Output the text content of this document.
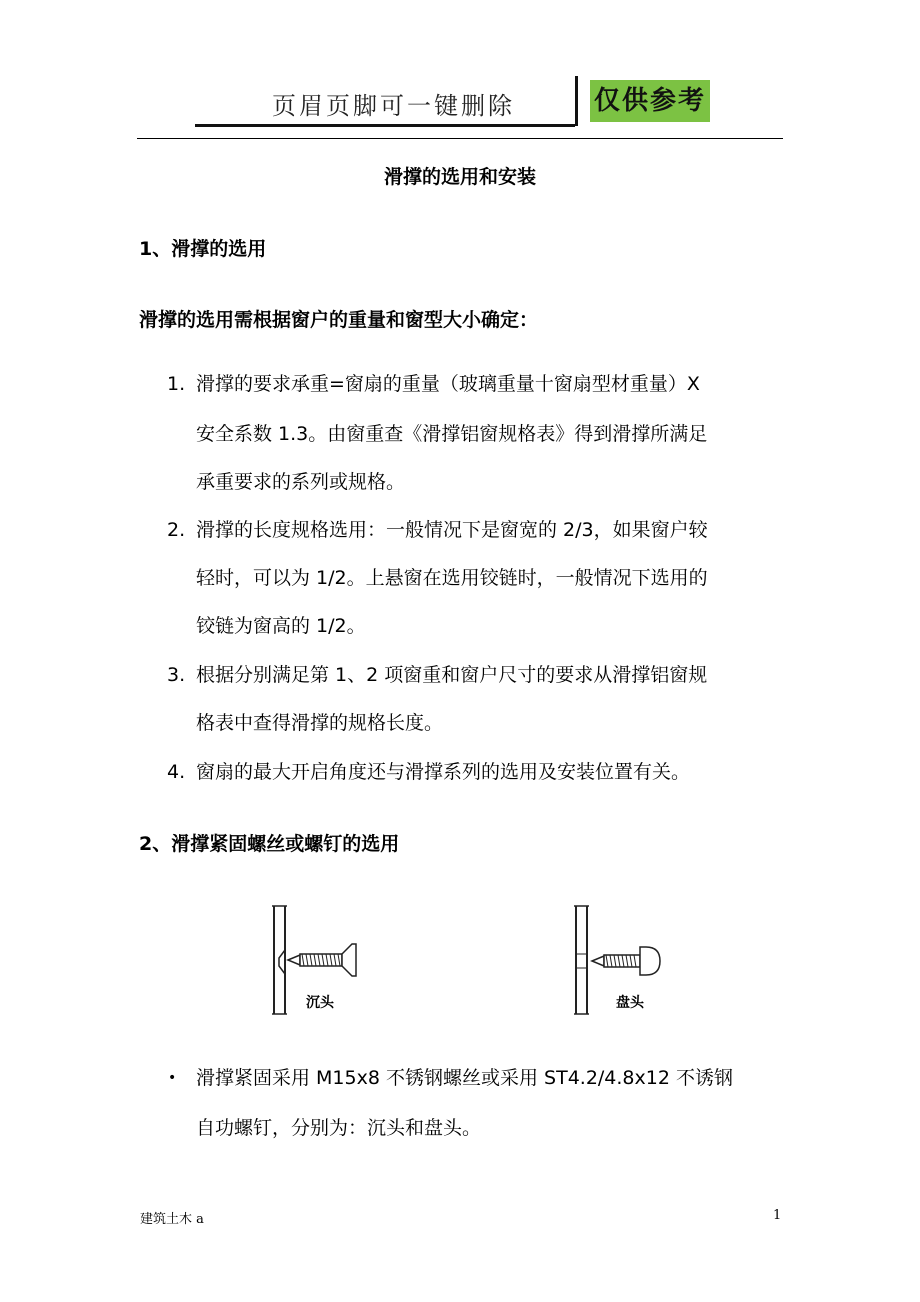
页眉页脚可一键删除	仅供参考
滑撑的选用和安装
1、滑撑的选用
滑撑的选用需根据窗户的重量和窗型大小确定：
1. 滑撑的要求承重=窗扇的重量（玻璃重量十窗扇型材重量）X
安全系数 1.3。由窗重查《滑撑铝窗规格表》得到滑撑所满足
承重要求的系列或规格。
2. 滑撑的长度规格选用：一般情况下是窗宽的 2/3，如果窗户较
轻时，可以为 1/2。上悬窗在选用铰链时，一般情况下选用的
铰链为窗高的 1/2。
3. 根据分别满足第 1、2 项窗重和窗户尺寸的要求从滑撑铝窗规
格表中查得滑撑的规格长度。
4. 窗扇的最大开启角度还与滑撑系列的选用及安装位置有关。
2、滑撑紧固螺丝或螺钉的选用
沉头	盘头
• 滑撑紧固采用 M15x8 不锈钢螺丝或采用 ST4.2/4.8x12 不诱钢
自功螺钉，分别为：沉头和盘头。
建筑土木 a	1
